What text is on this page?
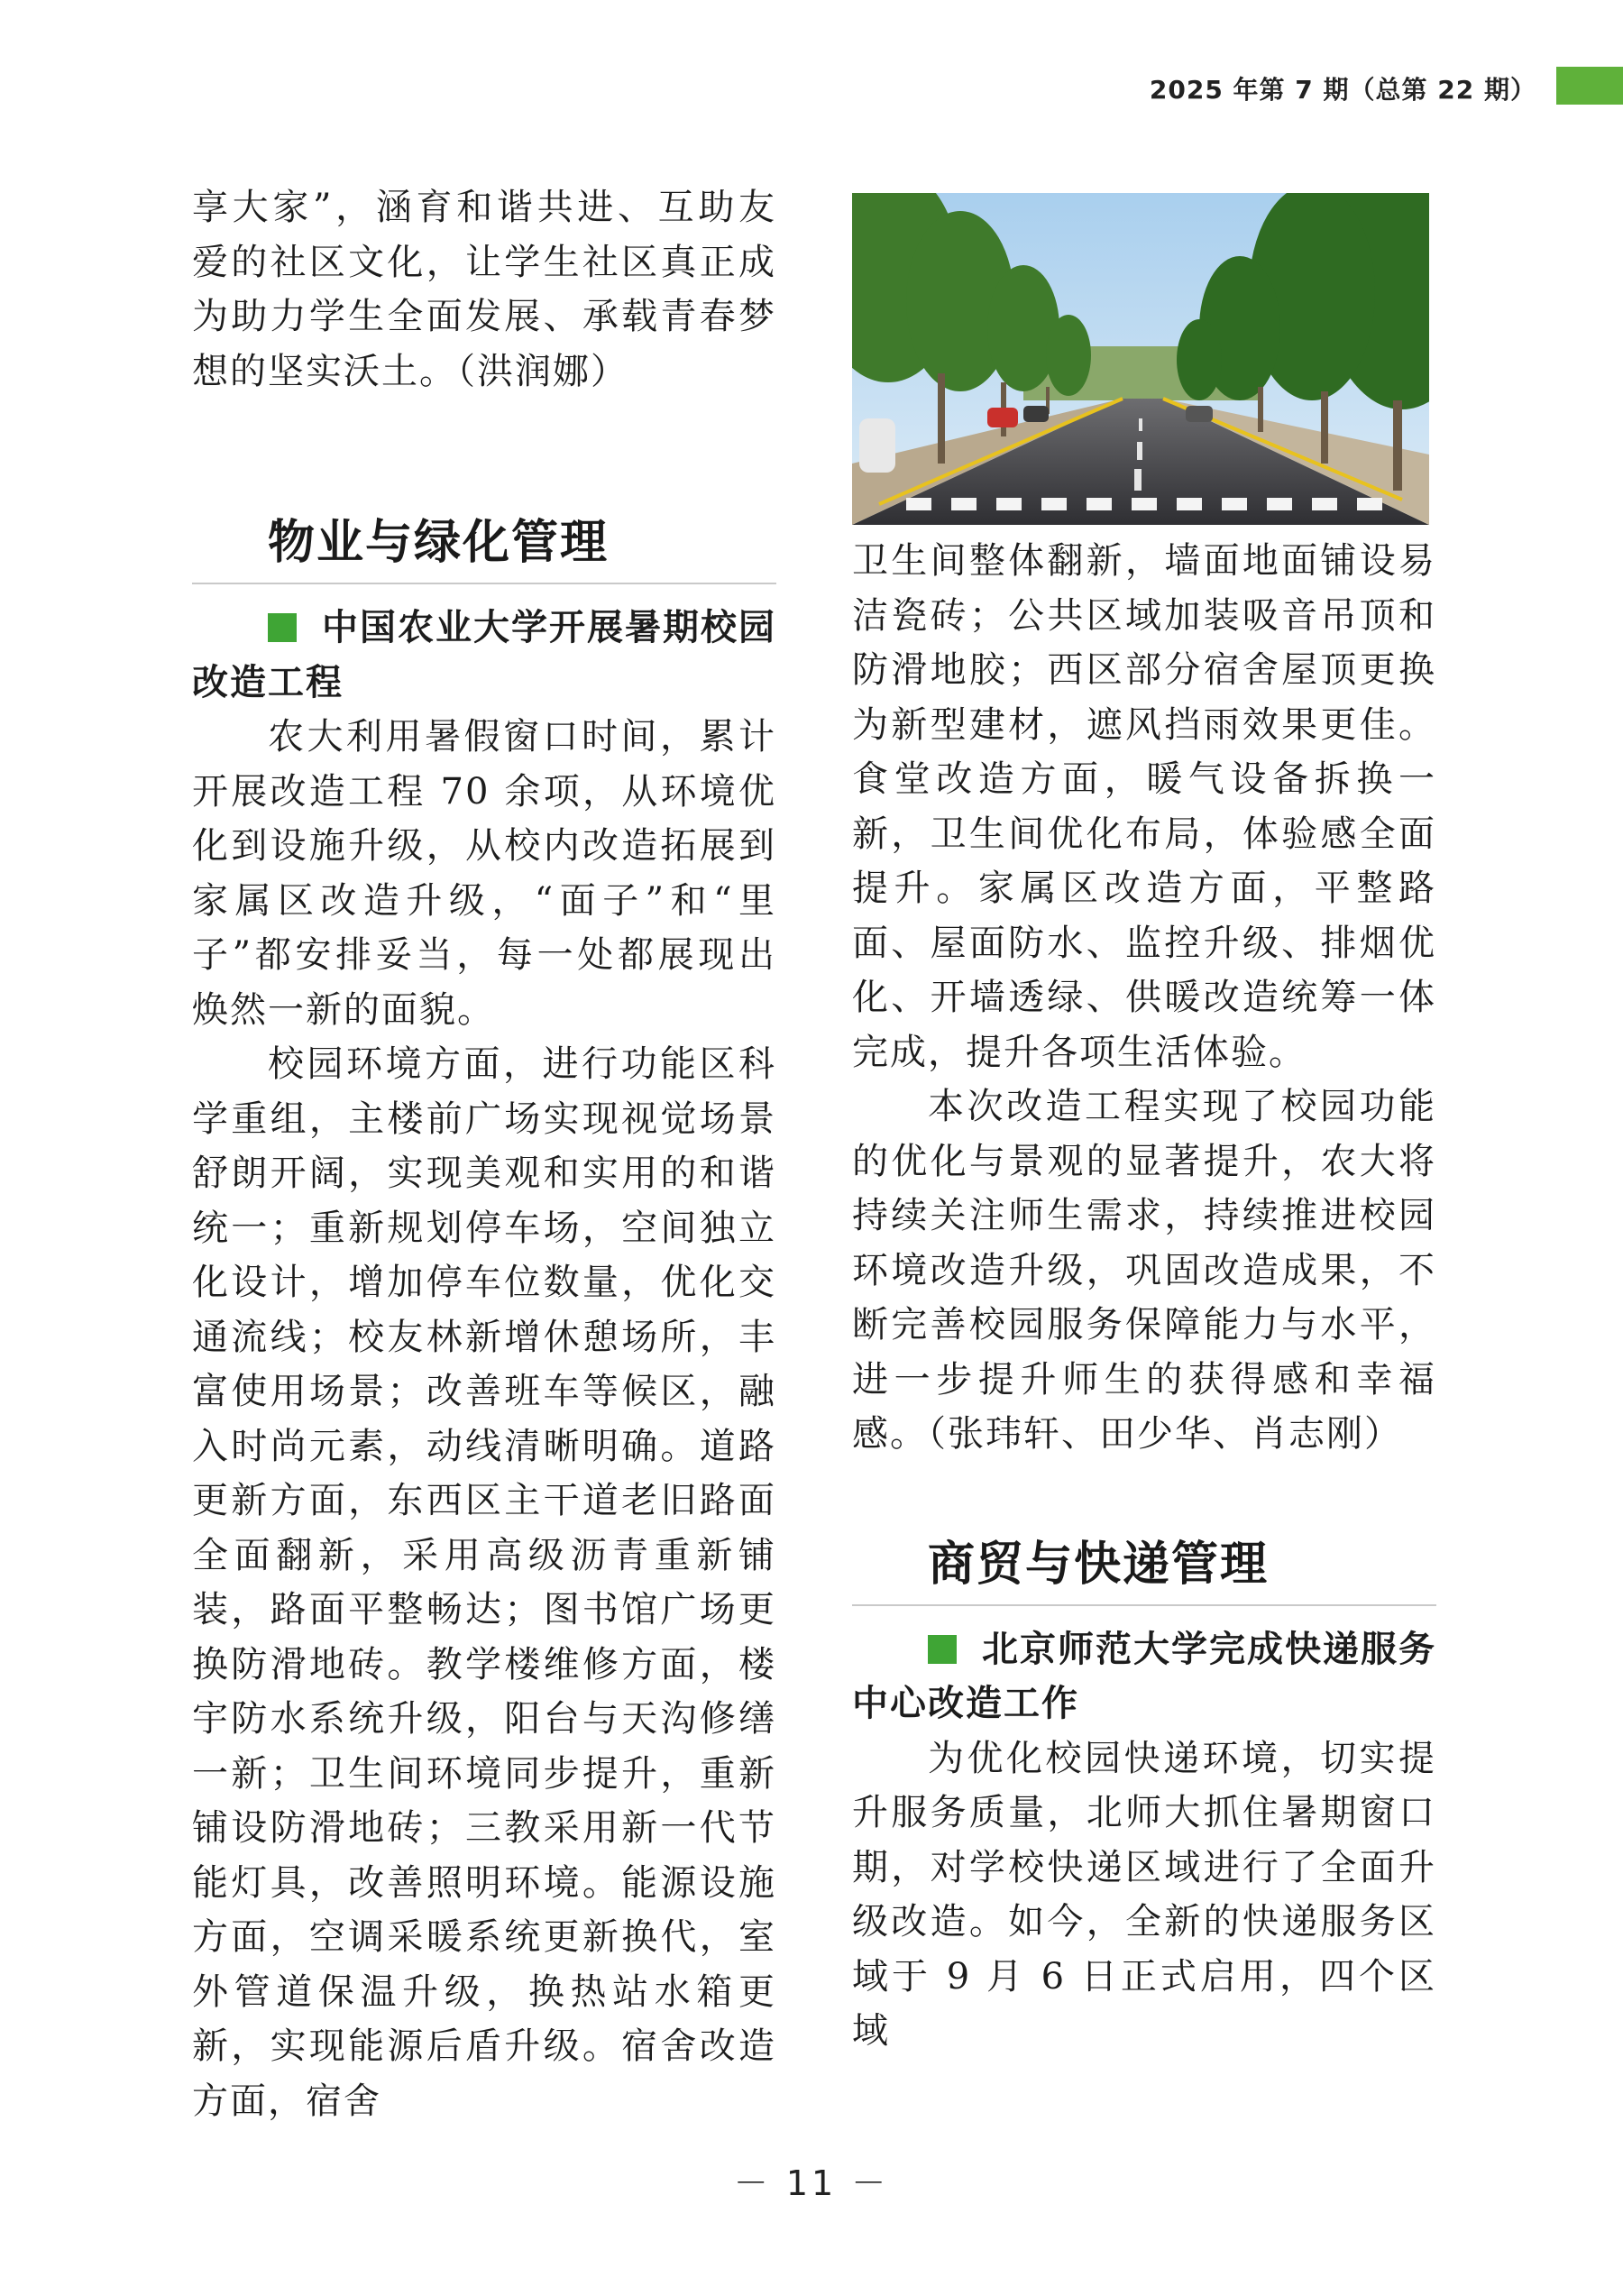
2025 年第 7 期（总第 22 期）

享大家”，涵育和谐共进、互助友爱的社区文化，让学生社区真正成为助力学生全面发展、承载青春梦想的坚实沃土。（洪润娜）

物业与绿化管理

中国农业大学开展暑期校园改造工程

农大利用暑假窗口时间，累计开展改造工程 70 余项，从环境优化到设施升级，从校内改造拓展到家属区改造升级，“面子”和“里子”都安排妥当，每一处都展现出焕然一新的面貌。

校园环境方面，进行功能区科学重组，主楼前广场实现视觉场景舒朗开阔，实现美观和实用的和谐统一；重新规划停车场，空间独立化设计，增加停车位数量，优化交通流线；校友林新增休憩场所，丰富使用场景；改善班车等候区，融入时尚元素，动线清晰明确。道路更新方面，东西区主干道老旧路面全面翻新，采用高级沥青重新铺装，路面平整畅达；图书馆广场更换防滑地砖。教学楼维修方面，楼宇防水系统升级，阳台与天沟修缮一新；卫生间环境同步提升，重新铺设防滑地砖；三教采用新一代节能灯具，改善照明环境。能源设施方面，空调采暖系统更新换代，室外管道保温升级，换热站水箱更新，实现能源后盾升级。宿舍改造方面，宿舍

卫生间整体翻新，墙面地面铺设易洁瓷砖；公共区域加装吸音吊顶和防滑地胶；西区部分宿舍屋顶更换为新型建材，遮风挡雨效果更佳。食堂改造方面，暖气设备拆换一新，卫生间优化布局，体验感全面提升。家属区改造方面，平整路面、屋面防水、监控升级、排烟优化、开墙透绿、供暖改造统筹一体完成，提升各项生活体验。

本次改造工程实现了校园功能的优化与景观的显著提升，农大将持续关注师生需求，持续推进校园环境改造升级，巩固改造成果，不断完善校园服务保障能力与水平，进一步提升师生的获得感和幸福感。（张玮轩、田少华、肖志刚）

商贸与快递管理

北京师范大学完成快递服务中心改造工作

为优化校园快递环境，切实提升服务质量，北师大抓住暑期窗口期，对学校快递区域进行了全面升级改造。如今，全新的快递服务区域于 9 月 6 日正式启用，四个区域

－ 11 －
